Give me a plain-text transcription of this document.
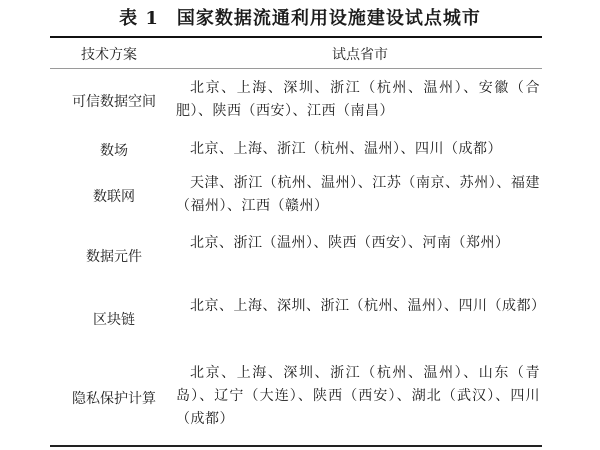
表 1 国家数据流通利用设施建设试点城市
技术方案	试点省市
可信数据空间
北京、上海、深圳、浙江（杭州、温州）、安徽（合肥）、陕西（西安）、江西（南昌）
数场	北京、上海、浙江（杭州、温州）、四川（成都）
数联网
天津、浙江（杭州、温州）、江苏（南京、苏州）、福建（福州）、江西（赣州）
数据元件
北京、浙江（温州）、陕西（西安）、河南（郑州）
区块链
北京、上海、深圳、浙江（杭州、温州）、四川（成都）
隐私保护计算
北京、上海、深圳、浙江（杭州、温州）、山东（青岛）、辽宁（大连）、陕西（西安）、湖北（武汉）、四川（成都）
